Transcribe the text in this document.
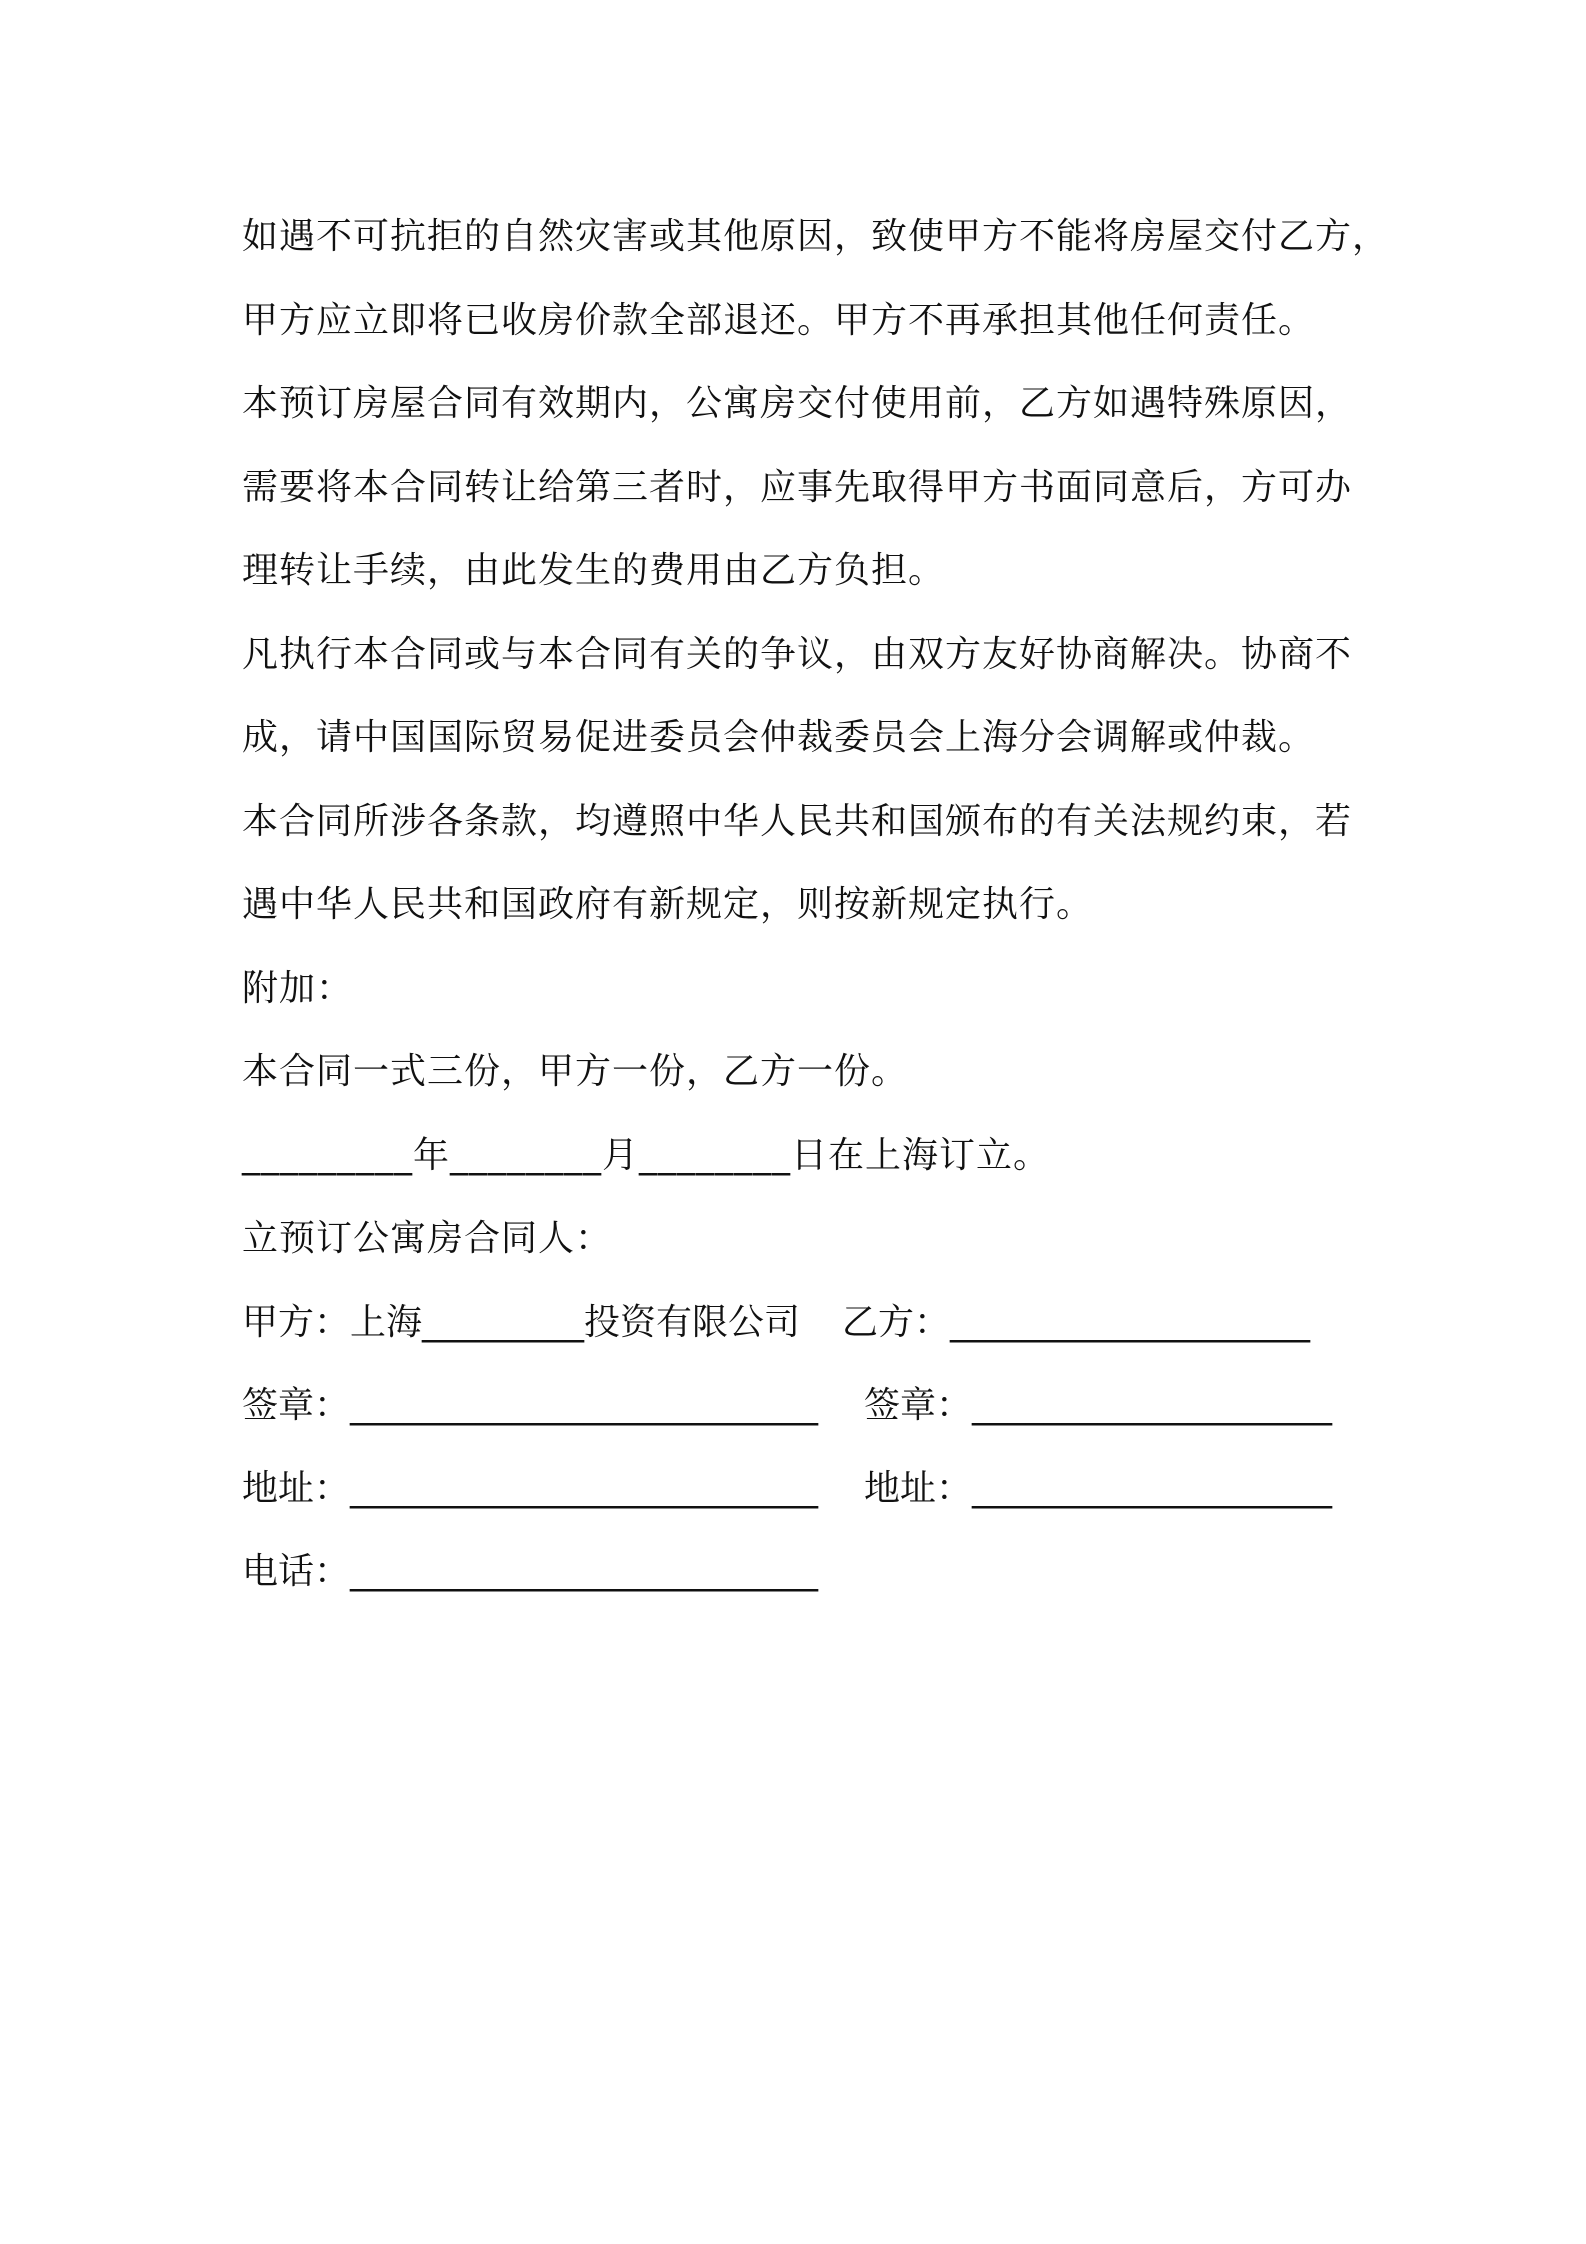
如遇不可抗拒的自然灾害或其他原因，致使甲方不能将房屋交付乙方，
甲方应立即将已收房价款全部退还。甲方不再承担其他任何责任。
本预订房屋合同有效期内，公寓房交付使用前，乙方如遇特殊原因，
需要将本合同转让给第三者时，应事先取得甲方书面同意后，方可办
理转让手续，由此发生的费用由乙方负担。
凡执行本合同或与本合同有关的争议，由双方友好协商解决。协商不
成，请中国国际贸易促进委员会仲裁委员会上海分会调解或仲裁。
本合同所涉各条款，均遵照中华人民共和国颁布的有关法规约束，若
遇中华人民共和国政府有新规定，则按新规定执行。
附加：
本合同一式三份，甲方一份，乙方一份。
_________年________月________日在上海订立。
立预订公寓房合同人：
甲方：上海_________投资有限公司 乙方：____________________
签章：__________________________ 签章：____________________
地址：__________________________ 地址：____________________
电话：__________________________
